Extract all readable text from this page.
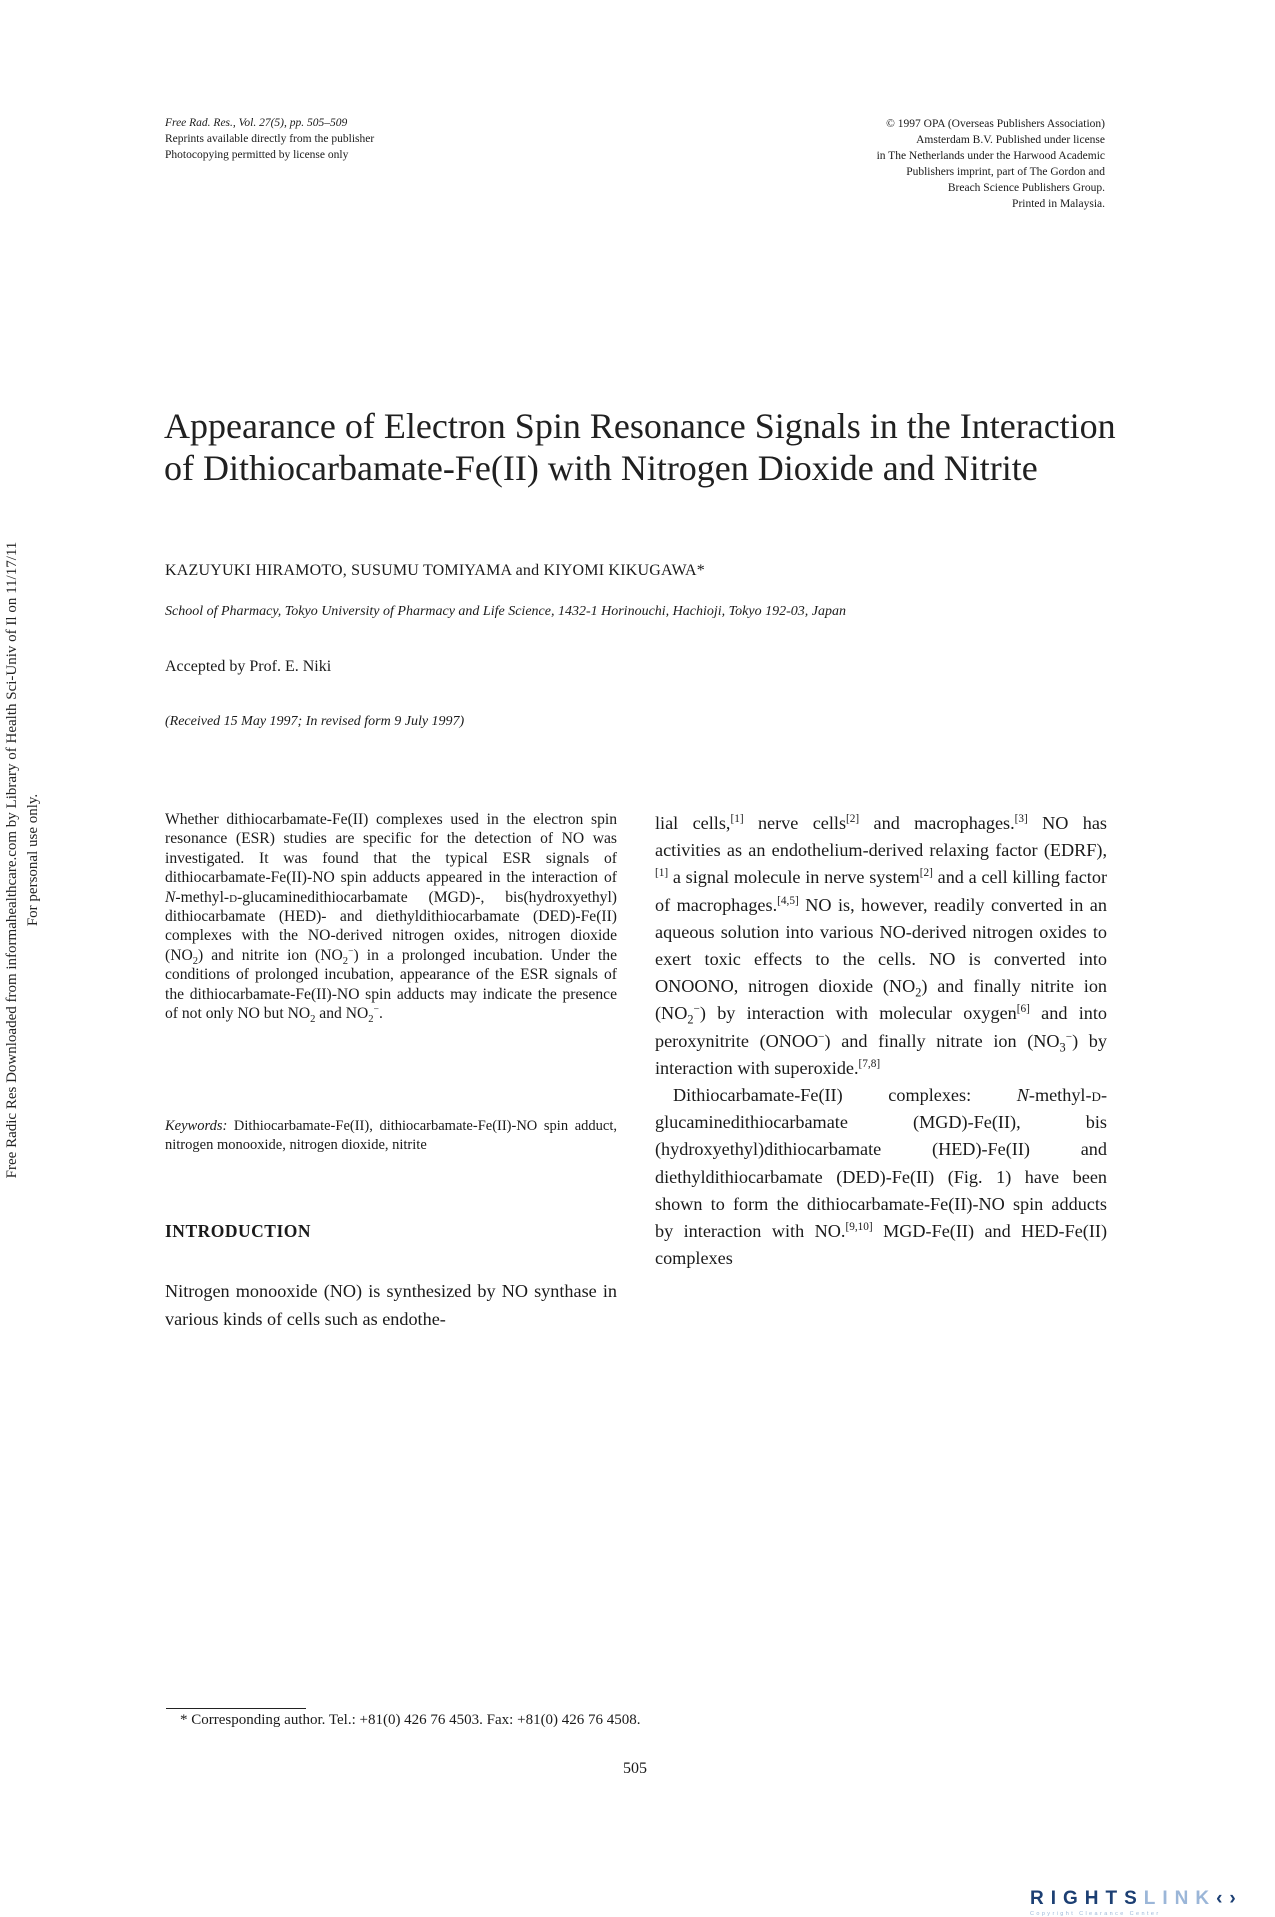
Free Rad. Res., Vol. 27(5), pp. 505–509
Reprints available directly from the publisher
Photocopying permitted by license only
© 1997 OPA (Overseas Publishers Association)
Amsterdam B.V. Published under license
in The Netherlands under the Harwood Academic
Publishers imprint, part of The Gordon and
Breach Science Publishers Group.
Printed in Malaysia.
Free Radic Res Downloaded from informahealthcare.com by Library of Health Sci-Univ of Il on 11/17/11 For personal use only.
Appearance of Electron Spin Resonance Signals in the Interaction of Dithiocarbamate-Fe(II) with Nitrogen Dioxide and Nitrite
KAZUYUKI HIRAMOTO, SUSUMU TOMIYAMA and KIYOMI KIKUGAWA*
School of Pharmacy, Tokyo University of Pharmacy and Life Science, 1432-1 Horinouchi, Hachioji, Tokyo 192-03, Japan
Accepted by Prof. E. Niki
(Received 15 May 1997; In revised form 9 July 1997)

Whether dithiocarbamate-Fe(II) complexes used in the electron spin resonance (ESR) studies are specific for the detection of NO was investigated. It was found that the typical ESR signals of dithiocarbamate-Fe(II)-NO spin adducts appeared in the interaction of N-methyl-d-glucaminedithiocarbamate (MGD)-, bis(hydroxyethyl) dithiocarbamate (HED)- and diethyldithiocarbamate (DED)-Fe(II) complexes with the NO-derived nitrogen oxides, nitrogen dioxide $(NO_2)$ and nitrite ion $(NO_2^-)$ in a prolonged incubation. Under the conditions of prolonged incubation, appearance of the ESR signals of the dithiocarbamate-Fe(II)-NO spin adducts may indicate the presence of not only NO but $NO_2$ and $NO_2^-$.

Keywords: Dithiocarbamate-Fe(II), dithiocarbamate-Fe(II)-NO spin adduct, nitrogen monooxide, nitrogen dioxide, nitrite

INTRODUCTION

Nitrogen monooxide (NO) is synthesized by NO synthase in various kinds of cells such as endothe-

lial cells,[1] nerve cells[2] and macrophages.[3] NO has activities as an endothelium-derived relaxing factor (EDRF),[1] a signal molecule in nerve system[2] and a cell killing factor of macrophages.[4,5] NO is, however, readily converted in an aqueous solution into various NO-derived nitrogen oxides to exert toxic effects to the cells. NO is converted into ONOONO, nitrogen dioxide $(NO_2)$ and finally nitrite ion $(NO_2^-)$ by interaction with molecular oxygen[6] and into peroxynitrite (ONOO−) and finally nitrate ion $(NO_3^-)$ by interaction with superoxide.[7,8]

Dithiocarbamate-Fe(II) complexes: N-methyl-d-glucaminedithiocarbamate (MGD)-Fe(II), bis (hydroxyethyl)dithiocarbamate (HED)-Fe(II) and diethyldithiocarbamate (DED)-Fe(II) (Fig. 1) have been shown to form the dithiocarbamate-Fe(II)-NO spin adducts by interaction with NO.[9,10] MGD-Fe(II) and HED-Fe(II) complexes

* Corresponding author. Tel.: +81(0) 426 76 4503. Fax: +81(0) 426 76 4508.
505
RIGHTSLINK‹›
Copyright Clearance Center
